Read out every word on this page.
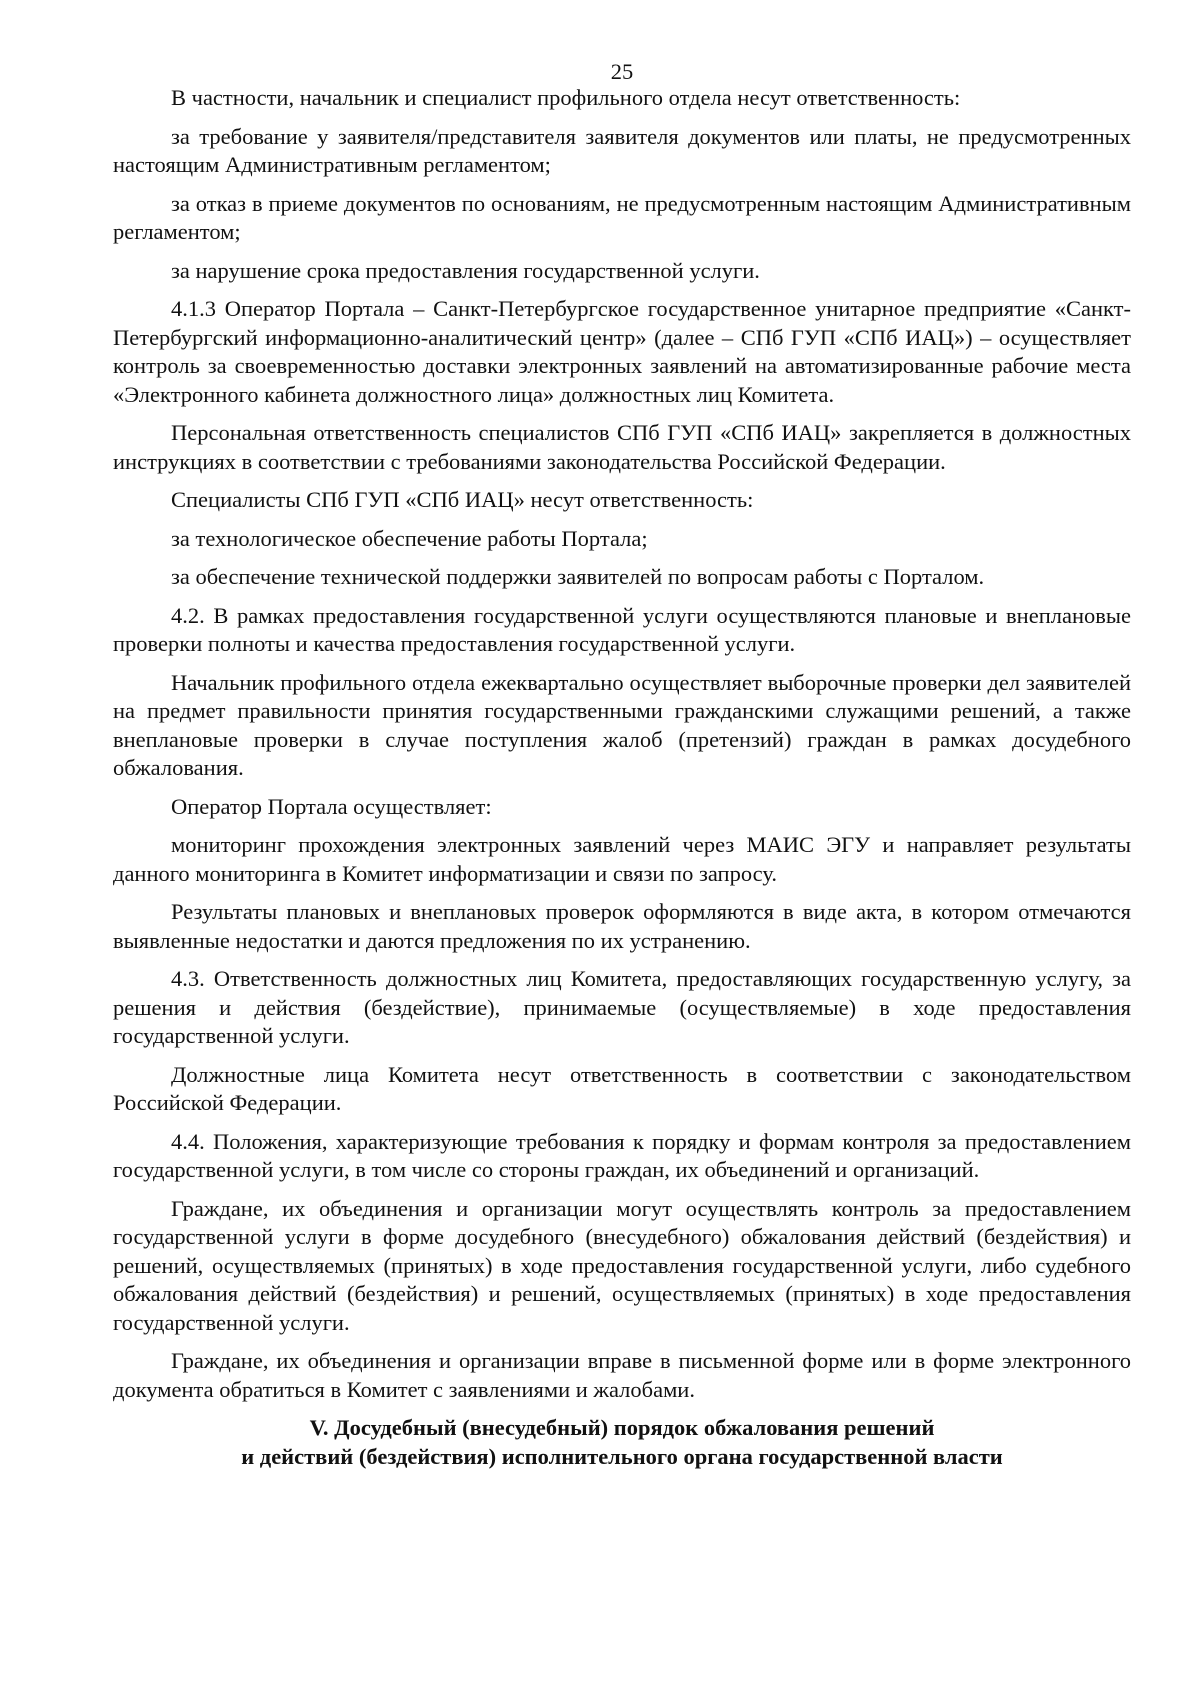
25

В частности, начальник и специалист профильного отдела несут ответственность:

за требование у заявителя/представителя заявителя документов или платы, не предусмотренных настоящим Административным регламентом;

за отказ в приеме документов по основаниям, не предусмотренным настоящим Административным регламентом;

за нарушение срока предоставления государственной услуги.

4.1.3 Оператор Портала – Санкт-Петербургское государственное унитарное предприятие «Санкт-Петербургский информационно-аналитический центр» (далее – СПб ГУП «СПб ИАЦ») – осуществляет контроль за своевременностью доставки электронных заявлений на автоматизированные рабочие места «Электронного кабинета должностного лица» должностных лиц Комитета.

Персональная ответственность специалистов СПб ГУП «СПб ИАЦ» закрепляется в должностных инструкциях в соответствии с требованиями законодательства Российской Федерации.

Специалисты СПб ГУП «СПб ИАЦ» несут ответственность:

за технологическое обеспечение работы Портала;

за обеспечение технической поддержки заявителей по вопросам работы с Порталом.

4.2. В рамках предоставления государственной услуги осуществляются плановые и внеплановые проверки полноты и качества предоставления государственной услуги.

Начальник профильного отдела ежеквартально осуществляет выборочные проверки дел заявителей на предмет правильности принятия государственными гражданскими служащими решений, а также внеплановые проверки в случае поступления жалоб (претензий) граждан в рамках досудебного обжалования.

Оператор Портала осуществляет:

мониторинг прохождения электронных заявлений через МАИС ЭГУ и направляет результаты данного мониторинга в Комитет информатизации и связи по запросу.

Результаты плановых и внеплановых проверок оформляются в виде акта, в котором отмечаются выявленные недостатки и даются предложения по их устранению.

4.3. Ответственность должностных лиц Комитета, предоставляющих государственную услугу, за решения и действия (бездействие), принимаемые (осуществляемые) в ходе предоставления государственной услуги.

Должностные лица Комитета несут ответственность в соответствии с законодательством Российской Федерации.

4.4. Положения, характеризующие требования к порядку и формам контроля за предоставлением государственной услуги, в том числе со стороны граждан, их объединений и организаций.

Граждане, их объединения и организации могут осуществлять контроль за предоставлением государственной услуги в форме досудебного (внесудебного) обжалования действий (бездействия) и решений, осуществляемых (принятых) в ходе предоставления государственной услуги, либо судебного обжалования действий (бездействия) и решений, осуществляемых (принятых) в ходе предоставления государственной услуги.

Граждане, их объединения и организации вправе в письменной форме или в форме электронного документа обратиться в Комитет с заявлениями и жалобами.

V. Досудебный (внесудебный) порядок обжалования решений
и действий (бездействия) исполнительного органа государственной власти
